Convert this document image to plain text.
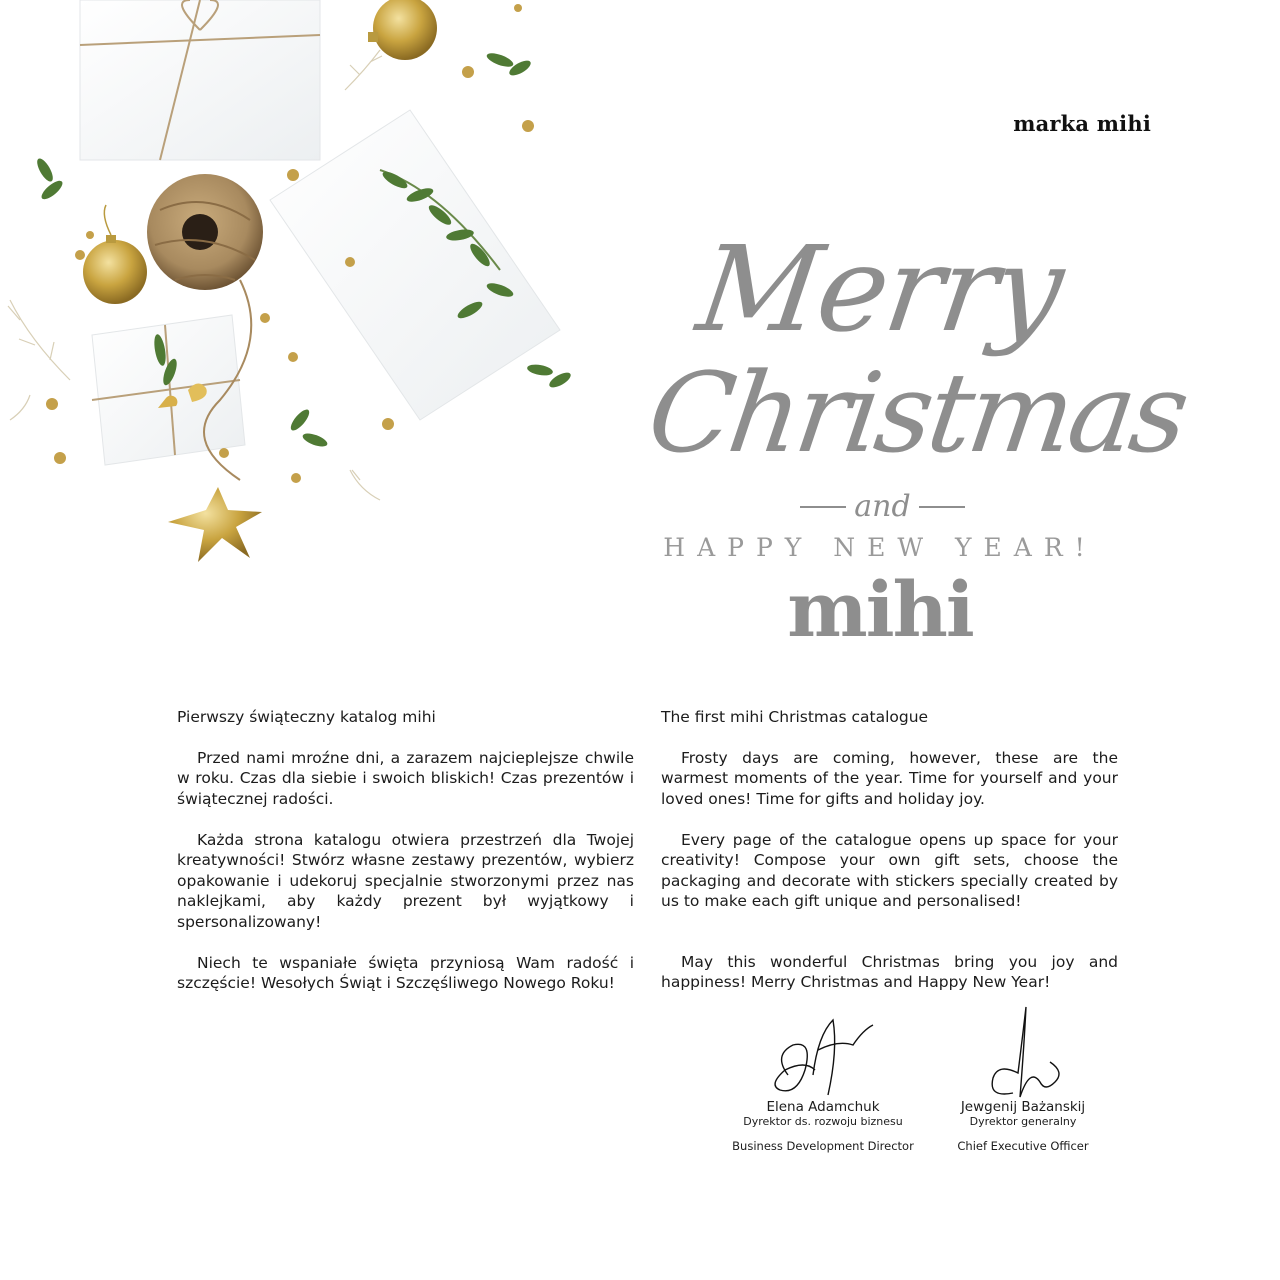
marka mihi
Merry
Christmas
and
HAPPY NEW YEAR!
mihi
Pierwszy świąteczny katalog mihi

Przed nami mroźne dni, a zarazem najcieplejsze chwile w roku. Czas dla siebie i swoich bliskich! Czas prezentów i świątecznej radości.

Każda strona katalogu otwiera przestrzeń dla Twojej kreatywności! Stwórz własne zestawy prezentów, wybierz opakowanie i udekoruj specjalnie stworzonymi przez nas naklejkami, aby każdy prezent był wyjątkowy i spersonalizowany!

Niech te wspaniałe święta przyniosą Wam radość i szczęście! Wesołych Świąt i Szczęśliwego Nowego Roku!

The first mihi Christmas catalogue

Frosty days are coming, however, these are the warmest moments of the year. Time for yourself and your loved ones! Time for gifts and holiday joy.

Every page of the catalogue opens up space for your creativity! Compose your own gift sets, choose the packaging and decorate with stickers specially created by us to make each gift unique and personalised!

May this wonderful Christmas bring you joy and happiness! Merry Christmas and Happy New Year!

Elena Adamchuk
Dyrektor ds. rozwoju biznesu
Business Development Director
Jewgenij Bażanskij
Dyrektor generalny
Chief Executive Officer
